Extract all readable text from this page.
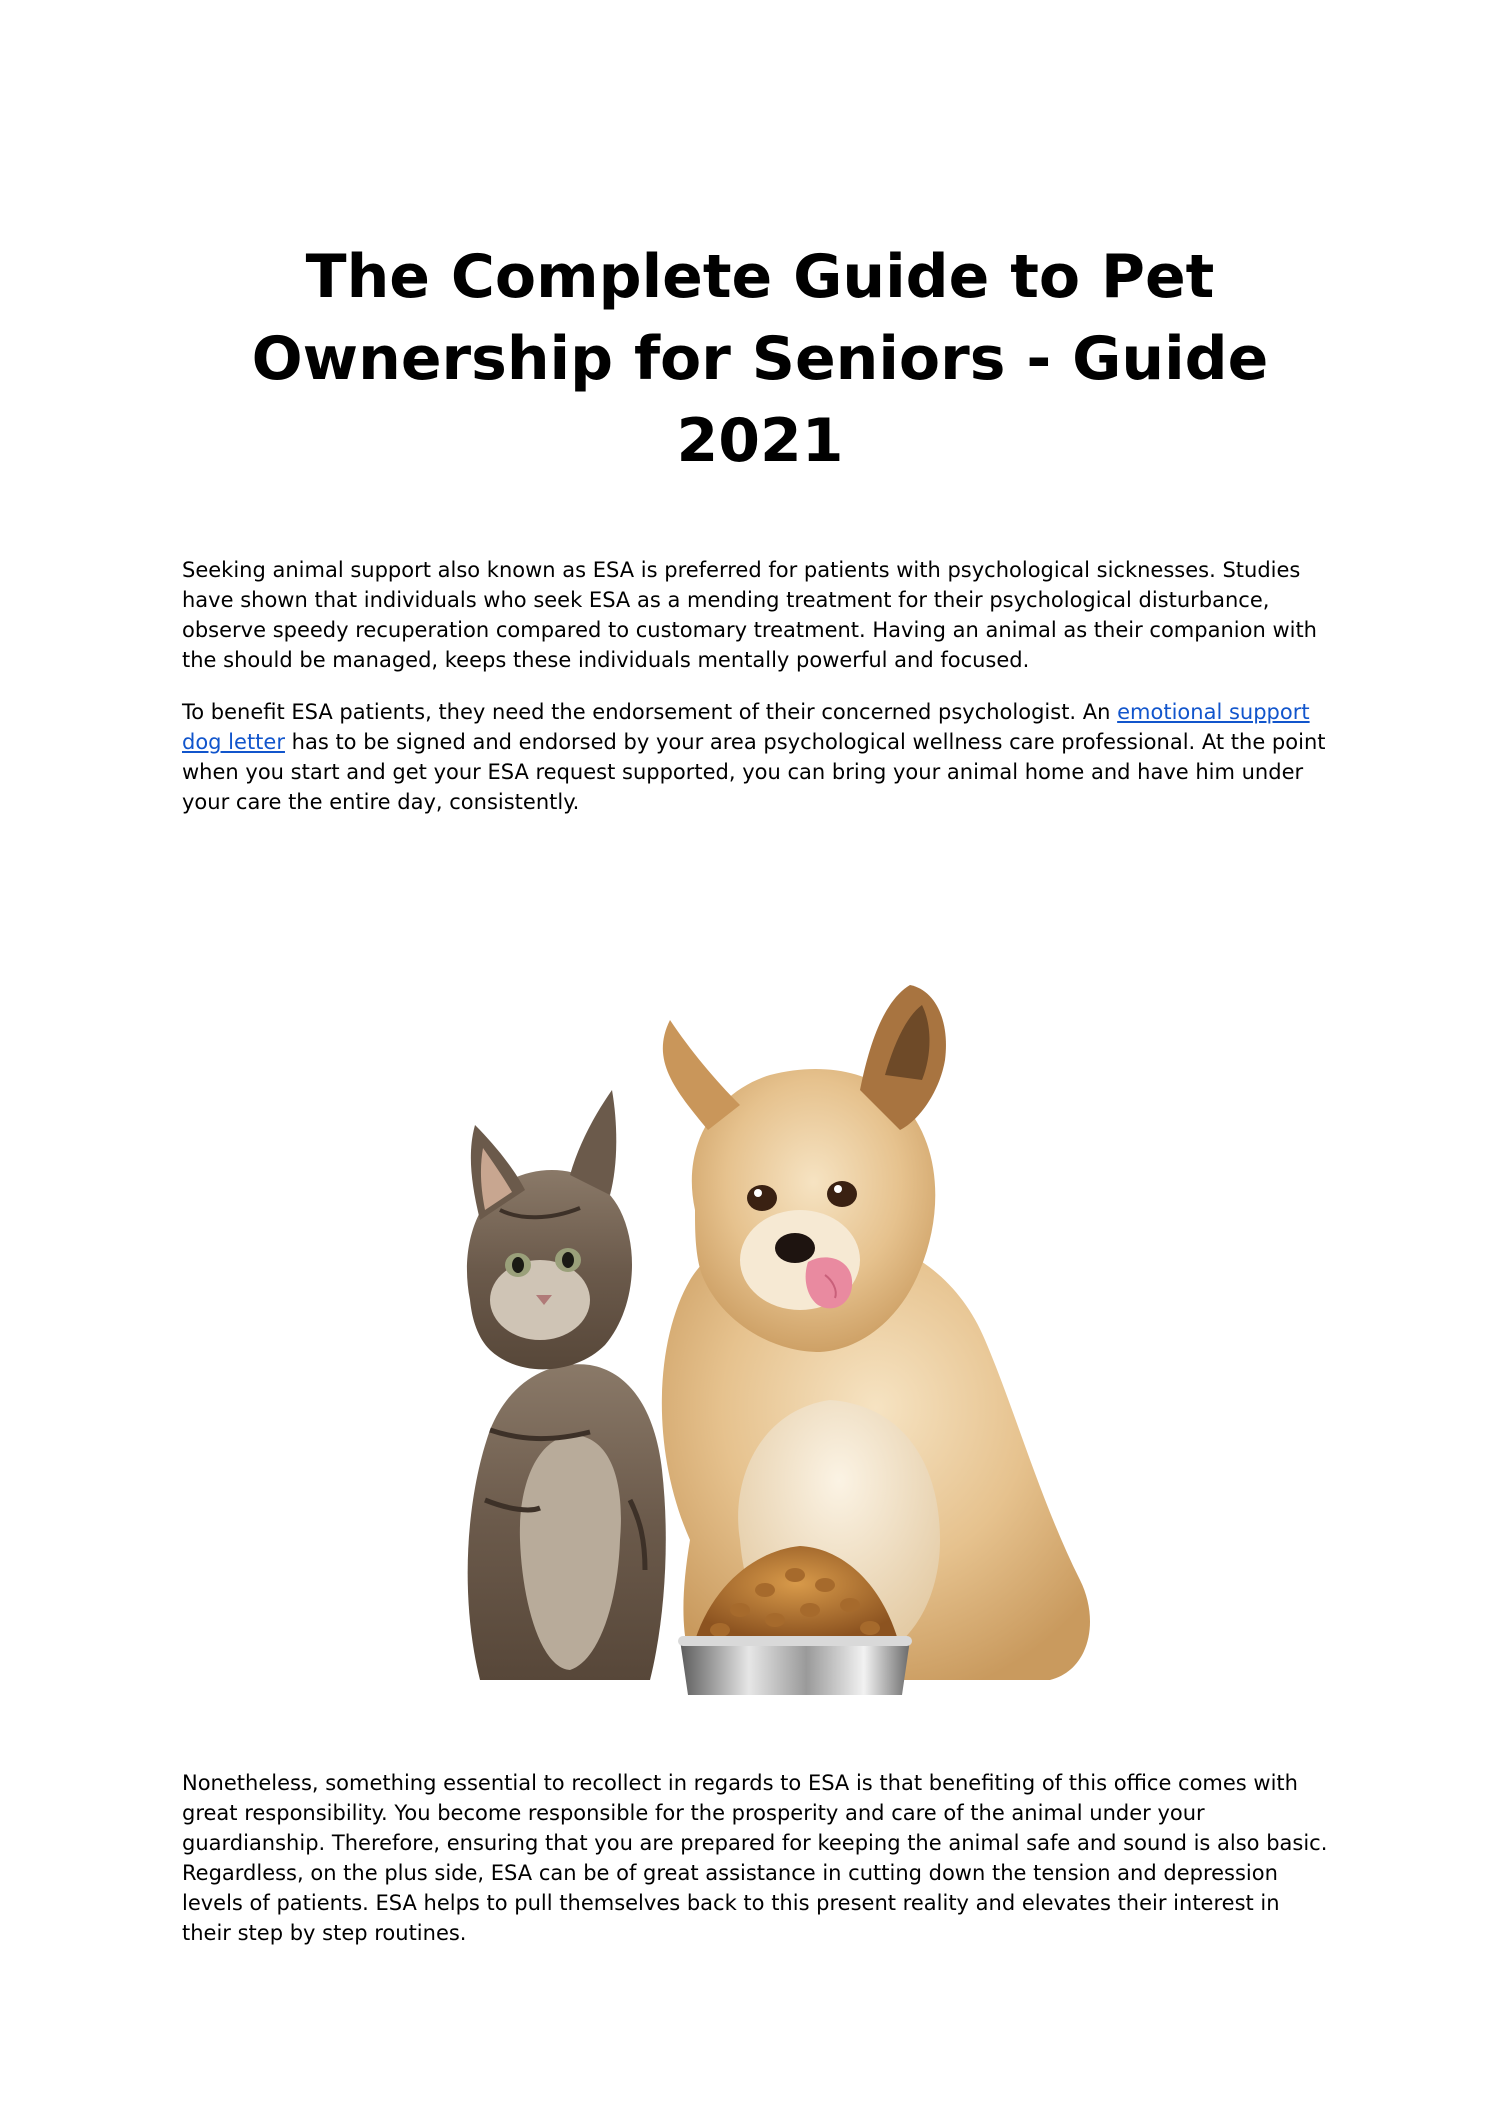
The Complete Guide to Pet Ownership for Seniors - Guide 2021

Seeking animal support also known as ESA is preferred for patients with psychological sicknesses. Studies have shown that individuals who seek ESA as a mending treatment for their psychological disturbance, observe speedy recuperation compared to customary treatment. Having an animal as their companion with the should be managed, keeps these individuals mentally powerful and focused.

To benefit ESA patients, they need the endorsement of their concerned psychologist. An emotional support dog letter has to be signed and endorsed by your area psychological wellness care professional. At the point when you start and get your ESA request supported, you can bring your animal home and have him under your care the entire day, consistently.

Nonetheless, something essential to recollect in regards to ESA is that benefiting of this office comes with great responsibility. You become responsible for the prosperity and care of the animal under your guardianship. Therefore, ensuring that you are prepared for keeping the animal safe and sound is also basic. Regardless, on the plus side, ESA can be of great assistance in cutting down the tension and depression levels of patients. ESA helps to pull themselves back to this present reality and elevates their interest in their step by step routines.
